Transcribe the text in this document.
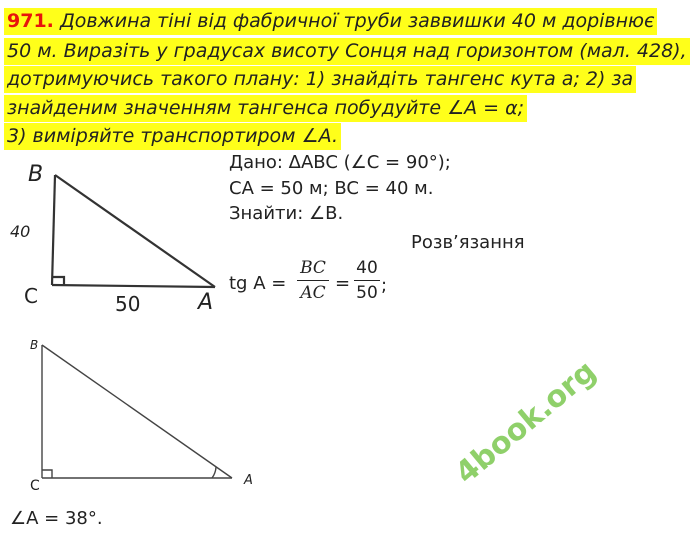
971. Довжина тіні від фабричної труби заввишки 40 м дорівнює
50 м. Виразіть у градусах висоту Сонця над горизонтом (мал. 428),
дотримуючись такого плану: 1) знайдіть тангенс кута a; 2) за
знайденим значенням тангенса побудуйте ∠A = α;
3) виміряйте транспортиром ∠A.
B
40
C	50	A
Дано: ΔABC (∠C = 90°);
CA = 50 м; BC = 40 м.
Знайти: ∠B.
Розв’язання
tg A =
BC
AC =
40
50 ;
B
C	A
∠A = 38°.
4book.org
